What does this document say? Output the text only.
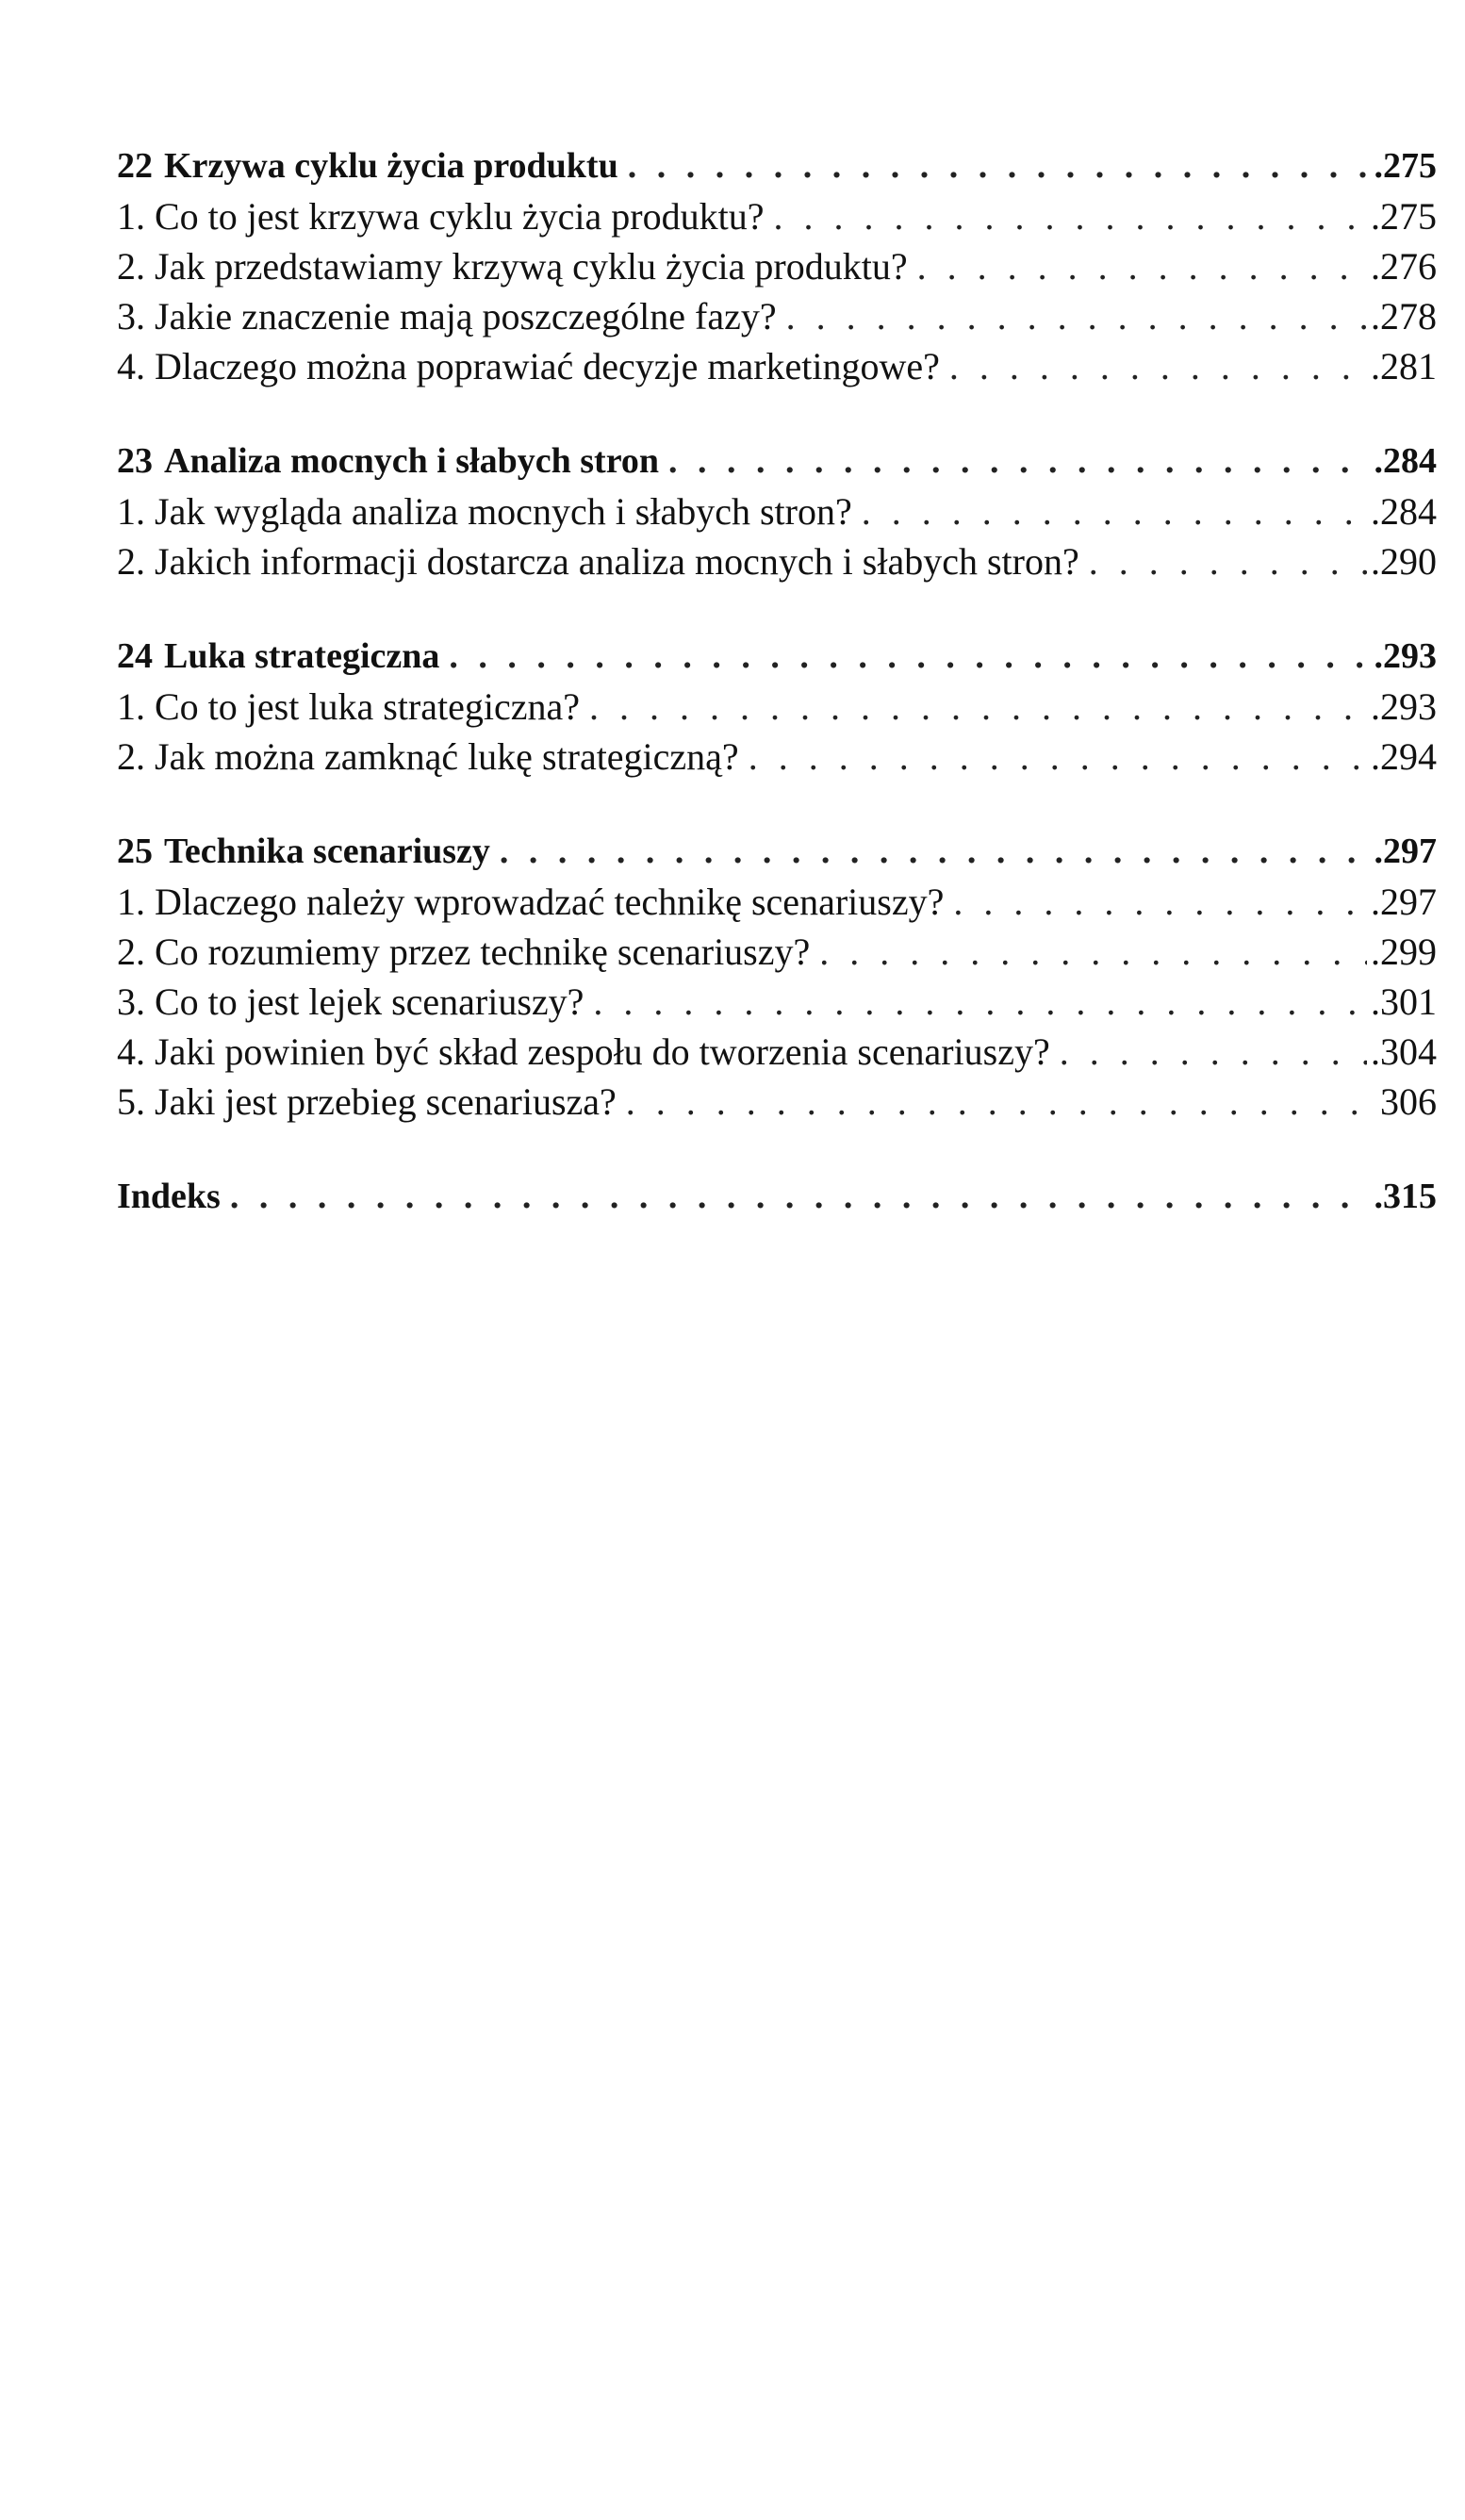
22 Krzywa cyklu życia produktu . . .	.275
1. Co to jest krzywa cyklu życia produktu? . . .	.275
2. Jak przedstawiamy krzywą cyklu życia produktu? . . .	.276
3. Jakie znaczenie mają poszczególne fazy? . . .	.278
4. Dlaczego można poprawiać decyzje marketingowe? . . .	.281
23 Analiza mocnych i słabych stron . . .	.284
1. Jak wygląda analiza mocnych i słabych stron? . . .	.284
2. Jakich informacji dostarcza analiza mocnych i słabych stron? . . .	.290
24 Luka strategiczna . . .	.293
1. Co to jest luka strategiczna? . . .	.293
2. Jak można zamknąć lukę strategiczną? . . .	.294
25 Technika scenariuszy . . .	.297
1. Dlaczego należy wprowadzać technikę scenariuszy? . . .	.297
2. Co rozumiemy przez technikę scenariuszy? . . .	.299
3. Co to jest lejek scenariuszy? . . .	.301
4. Jaki powinien być skład zespołu do tworzenia scenariuszy? . . .	.304
5. Jaki jest przebieg scenariusza? . . .	306
Indeks . . .	.315
